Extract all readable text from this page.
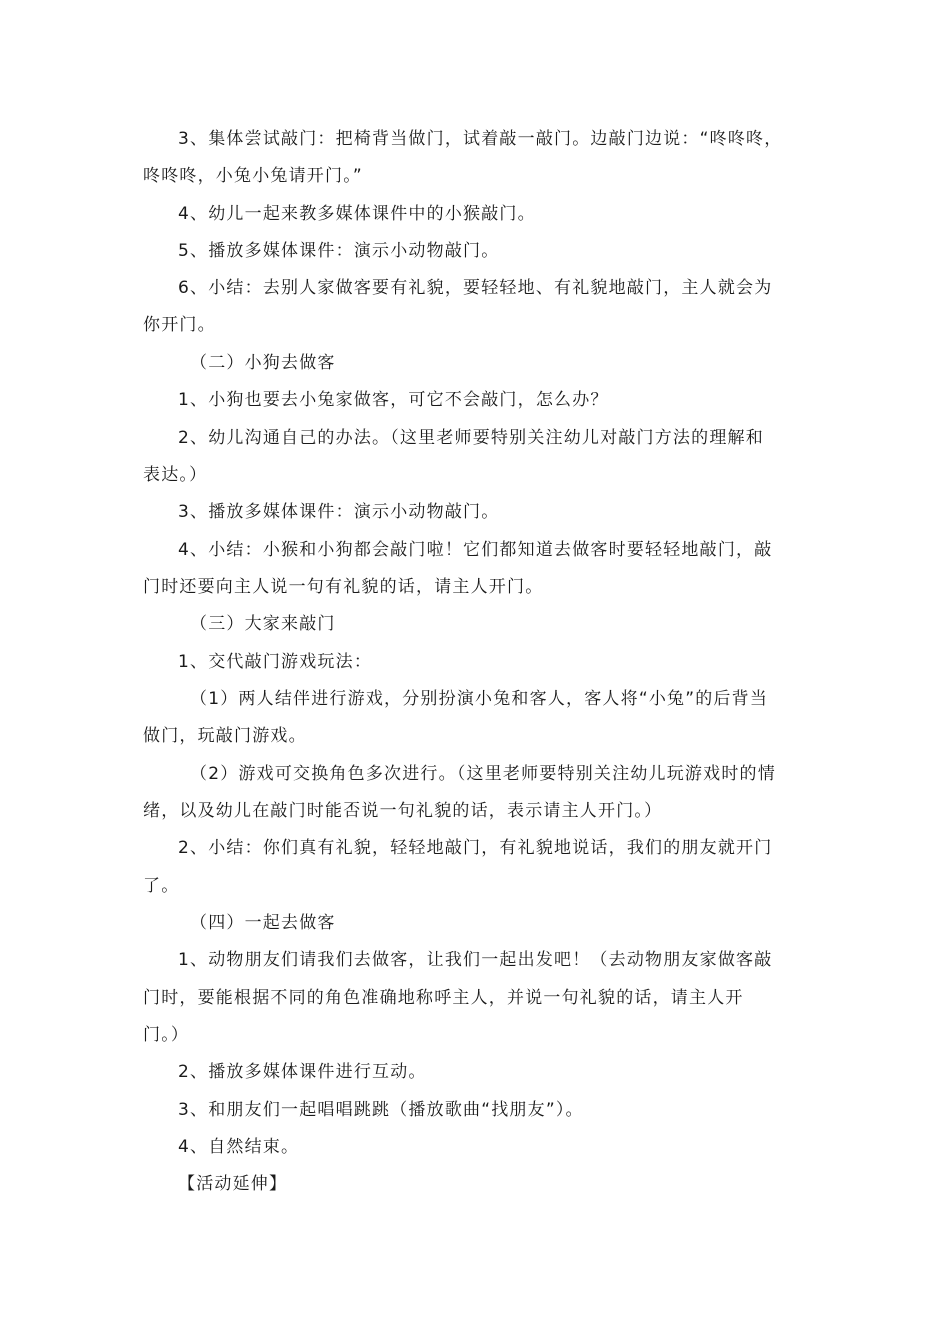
3、集体尝试敲门：把椅背当做门，试着敲一敲门。边敲门边说：“咚咚咚，
咚咚咚，小兔小兔请开门。”
4、幼儿一起来教多媒体课件中的小猴敲门。
5、播放多媒体课件：演示小动物敲门。
6、小结：去别人家做客要有礼貌，要轻轻地、有礼貌地敲门，主人就会为
你开门。
（二）小狗去做客
1、小狗也要去小兔家做客，可它不会敲门，怎么办？
2、幼儿沟通自己的办法。（这里老师要特别关注幼儿对敲门方法的理解和
表达。）
3、播放多媒体课件：演示小动物敲门。
4、小结：小猴和小狗都会敲门啦！它们都知道去做客时要轻轻地敲门，敲
门时还要向主人说一句有礼貌的话，请主人开门。
（三）大家来敲门
1、交代敲门游戏玩法：
（1）两人结伴进行游戏，分别扮演小兔和客人，客人将“小兔”的后背当
做门，玩敲门游戏。
（2）游戏可交换角色多次进行。（这里老师要特别关注幼儿玩游戏时的情
绪，以及幼儿在敲门时能否说一句礼貌的话，表示请主人开门。）
2、小结：你们真有礼貌，轻轻地敲门，有礼貌地说话，我们的朋友就开门
了。
（四）一起去做客
1、动物朋友们请我们去做客，让我们一起出发吧！（去动物朋友家做客敲
门时，要能根据不同的角色准确地称呼主人，并说一句礼貌的话，请主人开
门。）
2、播放多媒体课件进行互动。
3、和朋友们一起唱唱跳跳（播放歌曲“找朋友”）。
4、自然结束。
【活动延伸】
